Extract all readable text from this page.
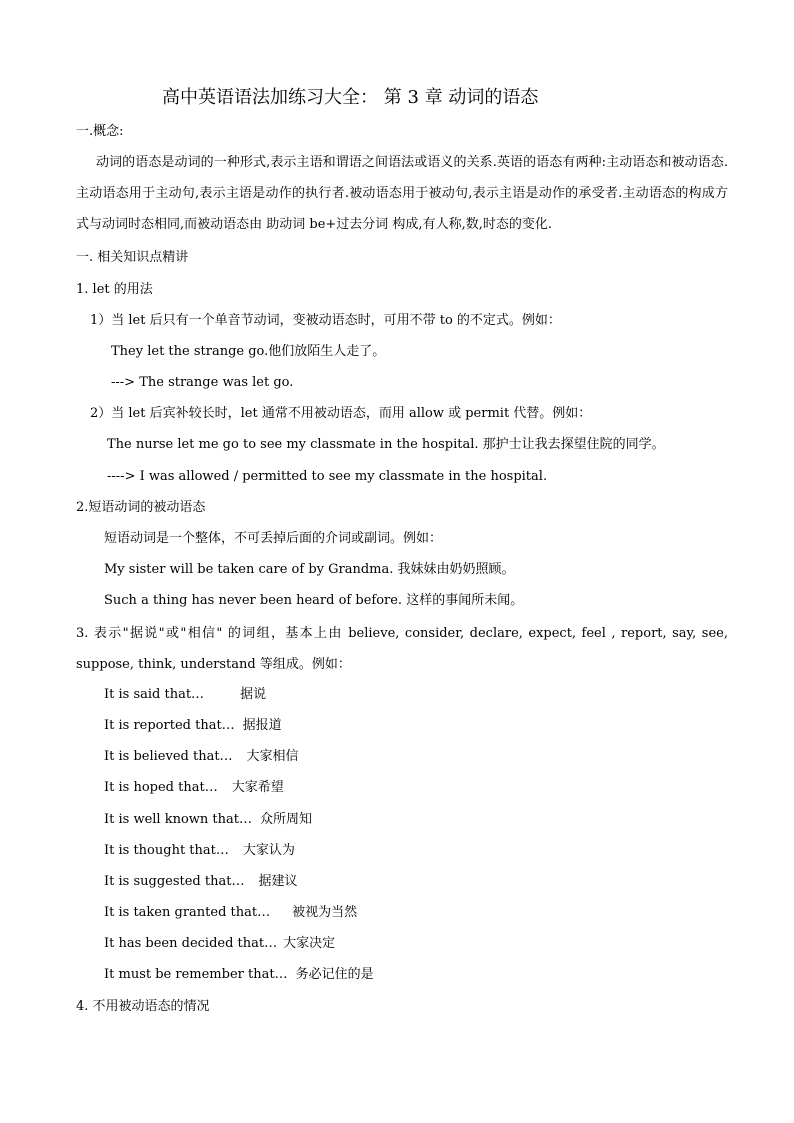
高中英语语法加练习大全： 第 3 章 动词的语态
一.概念:
动词的语态是动词的一种形式,表示主语和谓语之间语法或语义的关系.英语的语态有两种:主动语态和被动语态.主动语态用于主动句,表示主语是动作的执行者.被动语态用于被动句,表示主语是动作的承受者.主动语态的构成方式与动词时态相同,而被动语态由 助动词 be+过去分词 构成,有人称,数,时态的变化.
一. 相关知识点精讲
1. let 的用法
1）当 let 后只有一个单音节动词，变被动语态时，可用不带 to 的不定式。例如：
They let the strange go.他们放陌生人走了。
---> The strange was let go.
2）当 let 后宾补较长时，let 通常不用被动语态，而用 allow 或 permit 代替。例如：
The nurse let me go to see my classmate in the hospital. 那护士让我去探望住院的同学。
----> I was allowed / permitted to see my classmate in the hospital.
2.短语动词的被动语态
短语动词是一个整体，不可丢掉后面的介词或副词。例如：
My sister will be taken care of by Grandma. 我妹妹由奶奶照顾。
Such a thing has never been heard of before. 这样的事闻所未闻。
3. 表示"据说"或"相信" 的词组，基本上由 believe, consider, declare, expect, feel , report, say, see, suppose, think, understand 等组成。例如：
It is said that…	据说
It is reported that… 据报道
It is believed that… 大家相信
It is hoped that… 大家希望
It is well known that… 众所周知
It is thought that… 大家认为
It is suggested that… 据建议
It is taken granted that… 被视为当然
It has been decided that… 大家决定
It must be remember that… 务必记住的是
4. 不用被动语态的情况
